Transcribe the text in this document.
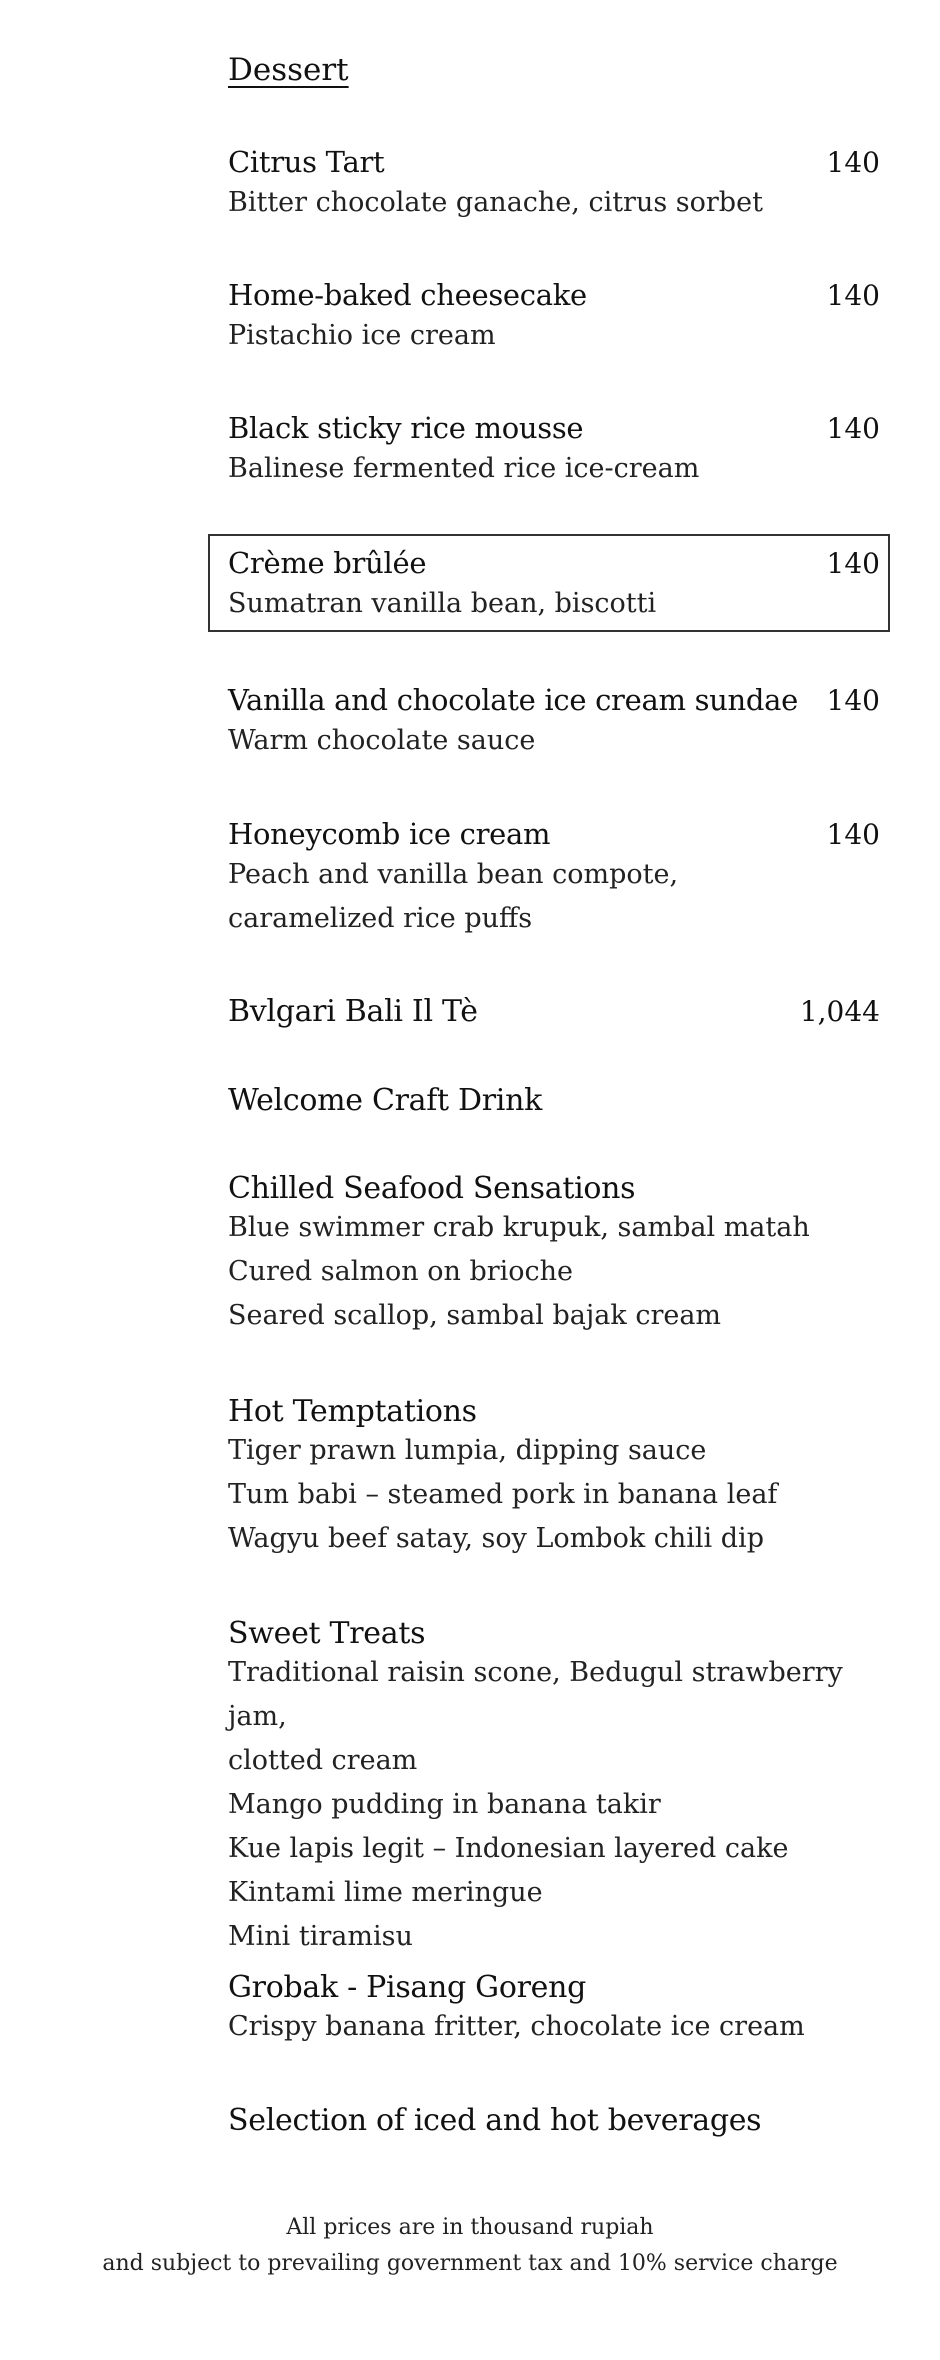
Dessert
Citrus Tart	140
Bitter chocolate ganache, citrus sorbet
Home-baked cheesecake	140
Pistachio ice cream
Black sticky rice mousse	140
Balinese fermented rice ice-cream
Crème brûlée	140
Sumatran vanilla bean, biscotti
Vanilla and chocolate ice cream sundae 140
Warm chocolate sauce
Honeycomb ice cream	140
Peach and vanilla bean compote,
caramelized rice puffs
Bvlgari Bali Il Tè	1,044
Welcome Craft Drink
Chilled Seafood Sensations
Blue swimmer crab krupuk, sambal matah
Cured salmon on brioche
Seared scallop, sambal bajak cream
Hot Temptations
Tiger prawn lumpia, dipping sauce
Tum babi – steamed pork in banana leaf
Wagyu beef satay, soy Lombok chili dip
Sweet Treats
Traditional raisin scone, Bedugul strawberry jam,
clotted cream
Mango pudding in banana takir
Kue lapis legit – Indonesian layered cake
Kintami lime meringue
Mini tiramisu
Grobak - Pisang Goreng
Crispy banana fritter, chocolate ice cream
Selection of iced and hot beverages
All prices are in thousand rupiah
and subject to prevailing government tax and 10% service charge
